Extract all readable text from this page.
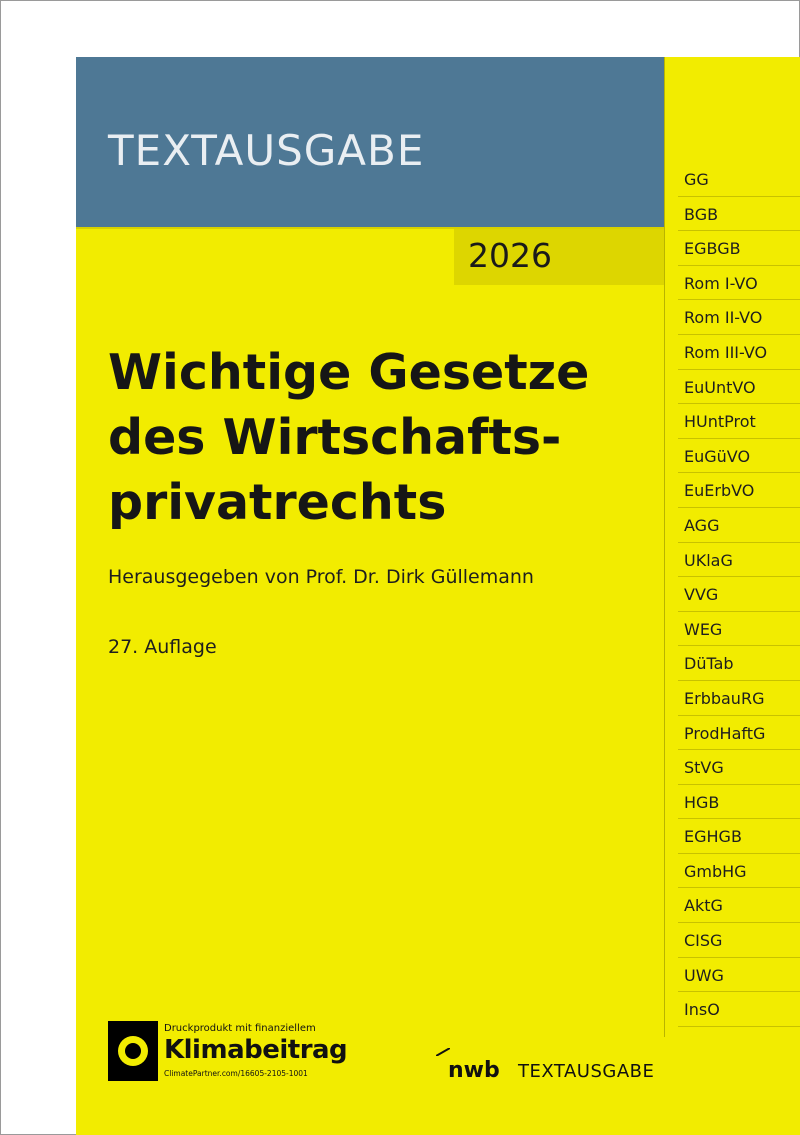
TEXTAUSGABE
2026
Wichtige Gesetze
des Wirtschafts-
privatrechts
Herausgegeben von Prof. Dr. Dirk Güllemann
27. Auflage
GG
BGB
EGBGB
Rom I-VO
Rom II-VO
Rom III-VO
EuUntVO
HUntProt
EuGüVO
EuErbVO
AGG
UKlaG
VVG
WEG
DüTab
ErbbauRG
ProdHaftG
StVG
HGB
EGHGB
GmbHG
AktG
CISG
UWG
InsO
Druckprodukt mit finanziellem
Klimabeitrag
ClimatePartner.com/16605-2105-1001	nwb TEXTAUSGABE
